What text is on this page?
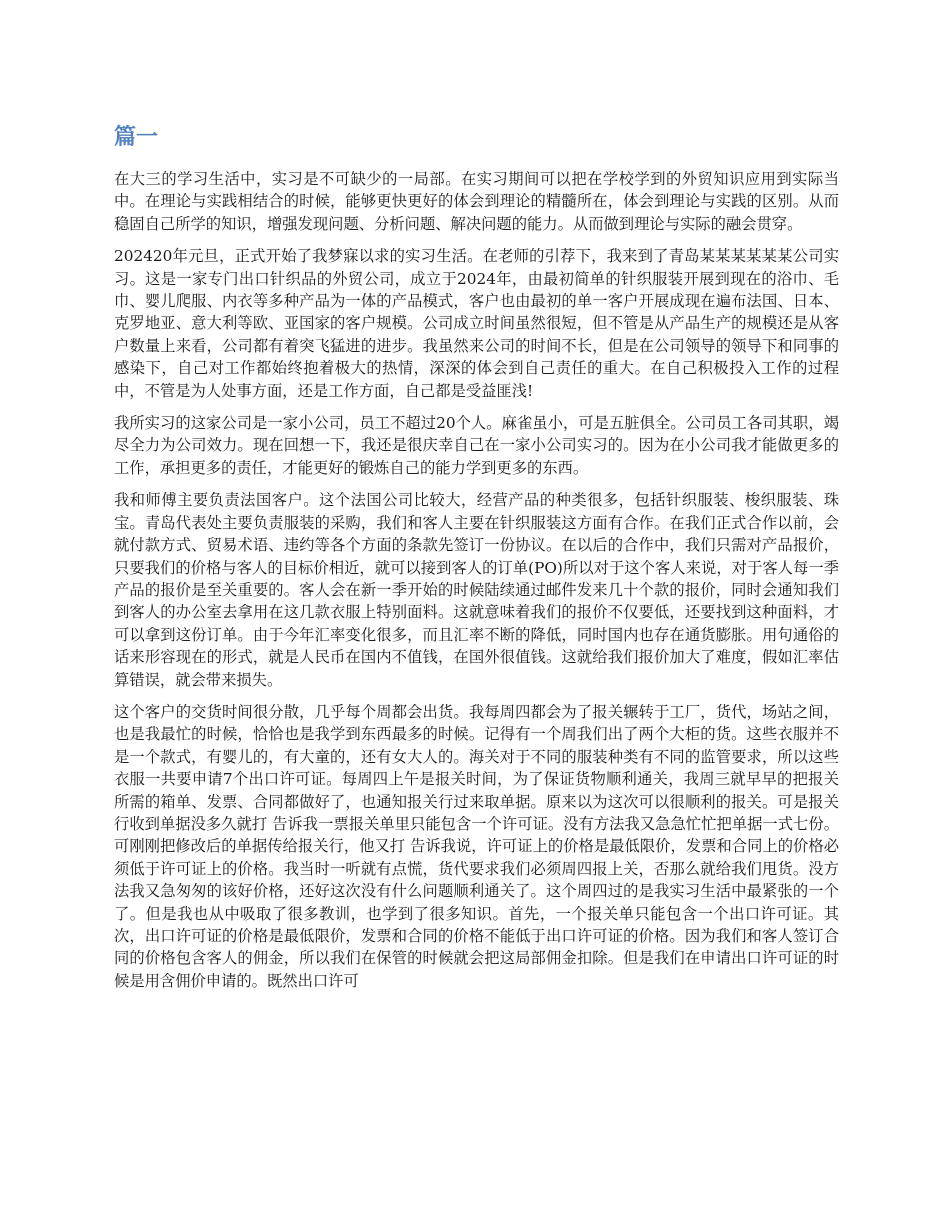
篇一

在大三的学习生活中，实习是不可缺少的一局部。在实习期间可以把在学校学到的外贸知识应用到实际当中。在理论与实践相结合的时候，能够更快更好的体会到理论的精髓所在，体会到理论与实践的区别。从而稳固自己所学的知识，增强发现问题、分析问题、解决问题的能力。从而做到理论与实际的融会贯穿。

202420年元旦，正式开始了我梦寐以求的实习生活。在老师的引荐下，我来到了青岛某某某某某某公司实习。这是一家专门出口针织品的外贸公司，成立于2024年，由最初简单的针织服装开展到现在的浴巾、毛巾、婴儿爬服、内衣等多种产品为一体的产品模式，客户也由最初的单一客户开展成现在遍布法国、日本、克罗地亚、意大利等欧、亚国家的客户规模。公司成立时间虽然很短，但不管是从产品生产的规模还是从客户数量上来看，公司都有着突飞猛进的进步。我虽然来公司的时间不长，但是在公司领导的领导下和同事的感染下，自己对工作都始终抱着极大的热情，深深的体会到自己责任的重大。在自己积极投入工作的过程中，不管是为人处事方面，还是工作方面，自己都是受益匪浅!

我所实习的这家公司是一家小公司，员工不超过20个人。麻雀虽小，可是五脏俱全。公司员工各司其职，竭尽全力为公司效力。现在回想一下，我还是很庆幸自己在一家小公司实习的。因为在小公司我才能做更多的工作，承担更多的责任，才能更好的锻炼自己的能力学到更多的东西。

我和师傅主要负责法国客户。这个法国公司比较大，经营产品的种类很多，包括针织服装、梭织服装、珠宝。青岛代表处主要负责服装的采购，我们和客人主要在针织服装这方面有合作。在我们正式合作以前，会就付款方式、贸易术语、违约等各个方面的条款先签订一份协议。在以后的合作中，我们只需对产品报价，只要我们的价格与客人的目标价相近，就可以接到客人的订单(PO)所以对于这个客人来说，对于客人每一季产品的报价是至关重要的。客人会在新一季开始的时候陆续通过邮件发来几十个款的报价，同时会通知我们到客人的办公室去拿用在这几款衣服上特别面料。这就意味着我们的报价不仅要低，还要找到这种面料，才可以拿到这份订单。由于今年汇率变化很多，而且汇率不断的降低，同时国内也存在通货膨胀。用句通俗的话来形容现在的形式，就是人民币在国内不值钱，在国外很值钱。这就给我们报价加大了难度，假如汇率估算错误，就会带来损失。

这个客户的交货时间很分散，几乎每个周都会出货。我每周四都会为了报关辗转于工厂，货代，场站之间，也是我最忙的时候，恰恰也是我学到东西最多的时候。记得有一个周我们出了两个大柜的货。这些衣服并不是一个款式，有婴儿的，有大童的，还有女大人的。海关对于不同的服装种类有不同的监管要求，所以这些衣服一共要申请7个出口许可证。每周四上午是报关时间，为了保证货物顺利通关，我周三就早早的把报关所需的箱单、发票、合同都做好了，也通知报关行过来取单据。原来以为这次可以很顺利的报关。可是报关行收到单据没多久就打 告诉我一票报关单里只能包含一个许可证。没有方法我又急急忙忙把单据一式七份。可刚刚把修改后的单据传给报关行，他又打 告诉我说，许可证上的价格是最低限价，发票和合同上的价格必须低于许可证上的价格。我当时一听就有点慌，货代要求我们必须周四报上关，否那么就给我们甩货。没方法我又急匆匆的该好价格，还好这次没有什么问题顺利通关了。这个周四过的是我实习生活中最紧张的一个了。但是我也从中吸取了很多教训，也学到了很多知识。首先，一个报关单只能包含一个出口许可证。其次，出口许可证的价格是最低限价，发票和合同的价格不能低于出口许可证的价格。因为我们和客人签订合同的价格包含客人的佣金，所以我们在保管的时候就会把这局部佣金扣除。但是我们在申请出口许可证的时候是用含佣价申请的。既然出口许可
